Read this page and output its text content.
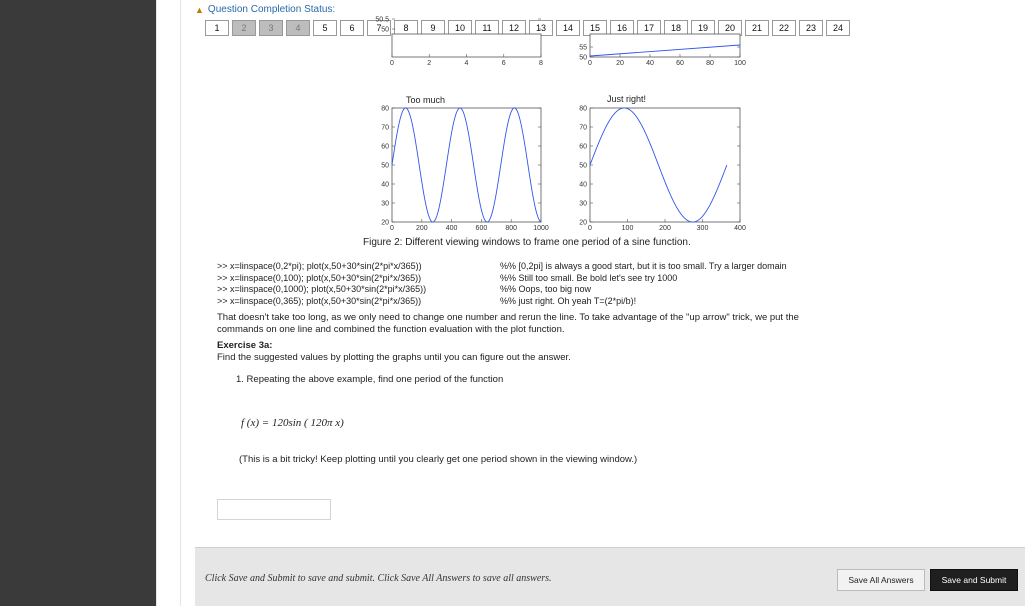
▲ Question Completion Status:
1	2	3	4	5	6	7	8	9	10	11	12	13	14	15	16	17	18	19	20	21	22	23	24
50.5
50
0	2	4	6	8
55
50
0	20	40	60	80	100
80
70
60
50
40
30
20
0	200	400	600	800 1000
80
70
60
50
40
30
20
0	100	200	300	400
Too much	Just right!
Figure 2: Different viewing windows to frame one period of a sine function.
>> x=linspace(0,2*pi); plot(x,50+30*sin(2*pi*x/365))	%% [0,2pi] is always a good start, but it is too small. Try a larger domain
>> x=linspace(0,100); plot(x,50+30*sin(2*pi*x/365))	%% Still too small. Be bold let's see try 1000
>> x=linspace(0,1000); plot(x,50+30*sin(2*pi*x/365))	%% Oops, too big now
>> x=linspace(0,365); plot(x,50+30*sin(2*pi*x/365))	%% just right. Oh yeah T=(2*pi/b)!
That doesn't take too long, as we only need to change one number and rerun the line. To take advantage of the "up arrow" trick, we put the commands on one line and combined the function evaluation with the plot function.
Exercise 3a:
Find the suggested values by plotting the graphs until you can figure out the answer.
1. Repeating the above example, find one period of the function
f (x) = 120sin ( 120π x)
(This is a bit tricky! Keep plotting until you clearly get one period shown in the viewing window.)
Click Save and Submit to save and submit. Click Save All Answers to save all answers.	Save All Answers	Save and Submit
